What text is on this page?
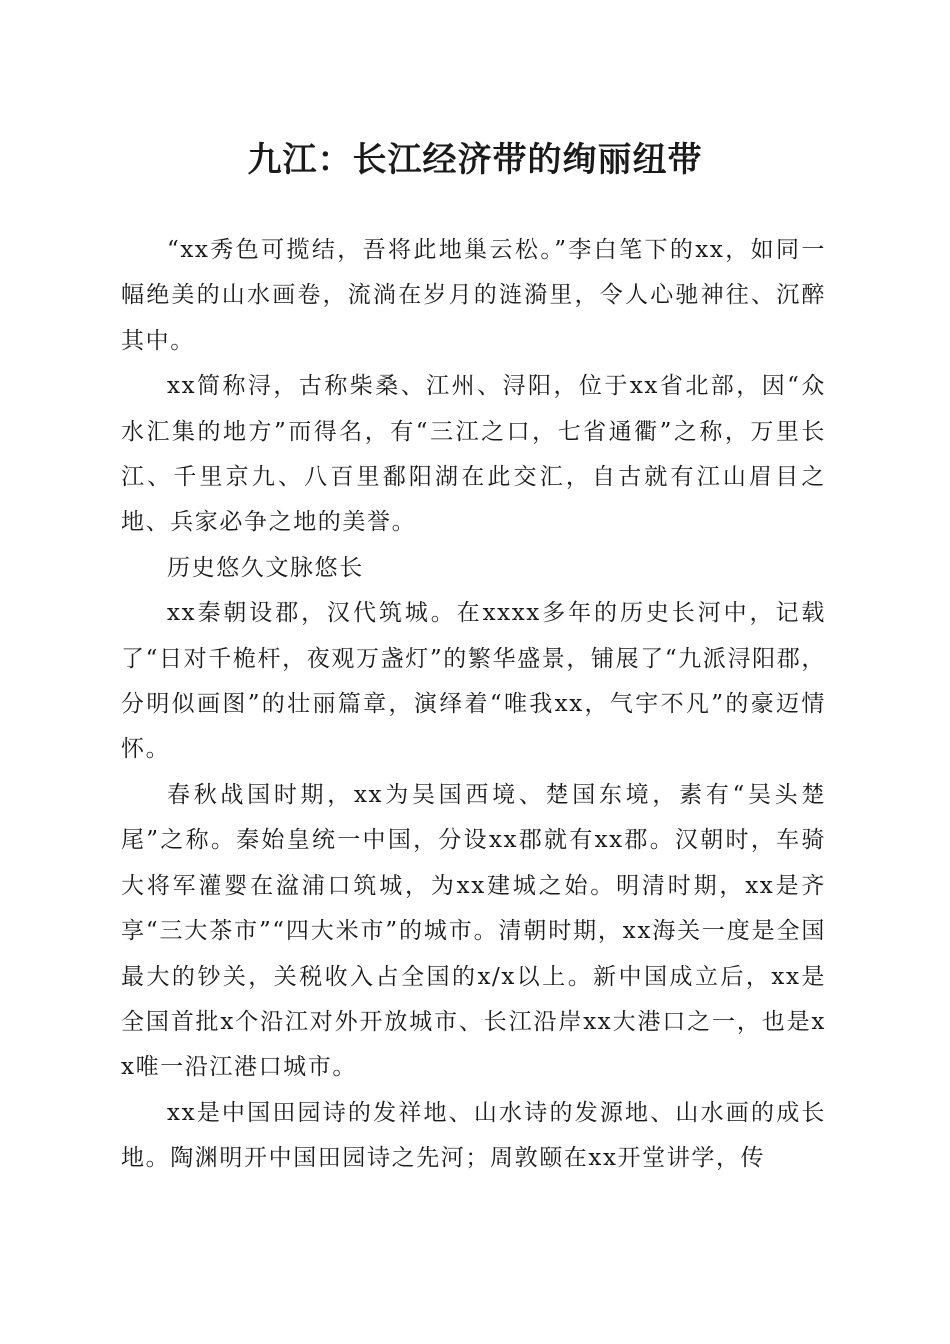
九江：长江经济带的绚丽纽带

“xx秀色可揽结，吾将此地巢云松。”李白笔下的xx，如同一幅绝美的山水画卷，流淌在岁月的涟漪里，令人心驰神往、沉醉其中。

xx简称浔，古称柴桑、江州、浔阳，位于xx省北部，因“众水汇集的地方”而得名，有“三江之口，七省通衢”之称，万里长江、千里京九、八百里鄱阳湖在此交汇，自古就有江山眉目之地、兵家必争之地的美誉。

历史悠久文脉悠长

xx秦朝设郡，汉代筑城。在xxxx多年的历史长河中，记载了“日对千桅杆，夜观万盏灯”的繁华盛景，铺展了“九派浔阳郡，分明似画图”的壮丽篇章，演绎着“唯我xx，气宇不凡”的豪迈情怀。

春秋战国时期，xx为吴国西境、楚国东境，素有“吴头楚尾”之称。秦始皇统一中国，分设xx郡就有xx郡。汉朝时，车骑大将军灌婴在湓浦口筑城，为xx建城之始。明清时期，xx是齐享“三大茶市”“四大米市”的城市。清朝时期，xx海关一度是全国最大的钞关，关税收入占全国的x/x以上。新中国成立后，xx是全国首批x个沿江对外开放城市、长江沿岸xx大港口之一，也是xx唯一沿江港口城市。

xx是中国田园诗的发祥地、山水诗的发源地、山水画的成长地。陶渊明开中国田园诗之先河；周敦颐在xx开堂讲学，传
